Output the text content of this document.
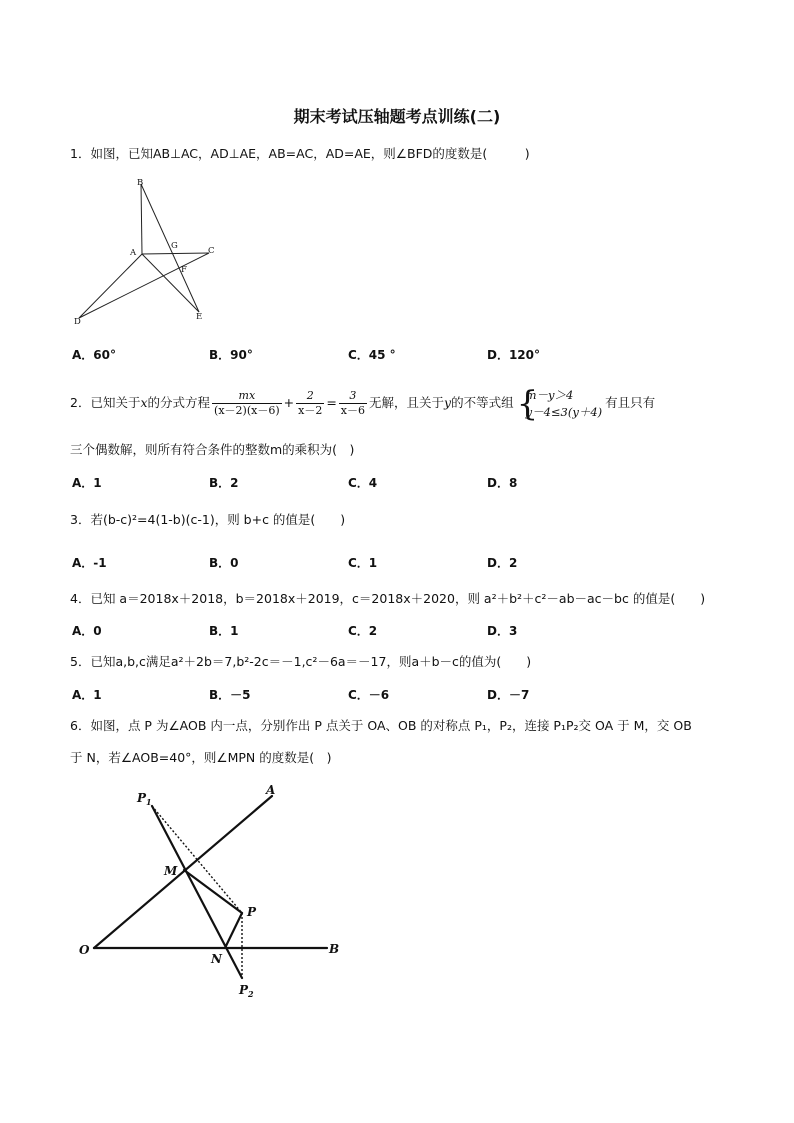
期末考试压轴题考点训练(二)
1．如图，已知AB⊥AC，AD⊥AE，AB=AC，AD=AE，则∠BFD的度数是(　　　)
B
A
G	C
F
D	E
A．60°	B．90°	C．45 °	D．120°
2．已知关于x的分式方程 $\frac{mx}{(x-2)(x-6)} + \frac{2}{x-2} = \frac{3}{x-6}$ 无解，且关于y的不等式组 {
m－y＞4
y－4≤3(y＋4)
有且只有
三个偶数解，则所有符合条件的整数m的乘积为(　)
A．1	B．2	C．4	D．8
3．若(b-c)²=4(1-b)(c-1)，则 b+c 的值是(　　)
A．-1	B．0	C．1	D．2
4．已知 a＝2018x＋2018，b＝2018x＋2019，c＝2018x＋2020，则 a²＋b²＋c²－ab－ac－bc 的值是(　　)
A．0	B．1	C．2	D．3
5．已知a,b,c满足a²＋2b＝7,b²-2c＝－1,c²－6a＝－17，则a＋b－c的值为(　　)
A．1	B．－5	C．－6	D．－7
6．如图，点 P 为∠AOB 内一点，分别作出 P 点关于 OA、OB 的对称点 P₁，P₂，连接 P₁P₂交 OA 于 M，交 OB
于 N，若∠AOB=40°，则∠MPN 的度数是(　)
$P_1$
A
M
P
O
N
B
$P_2$
